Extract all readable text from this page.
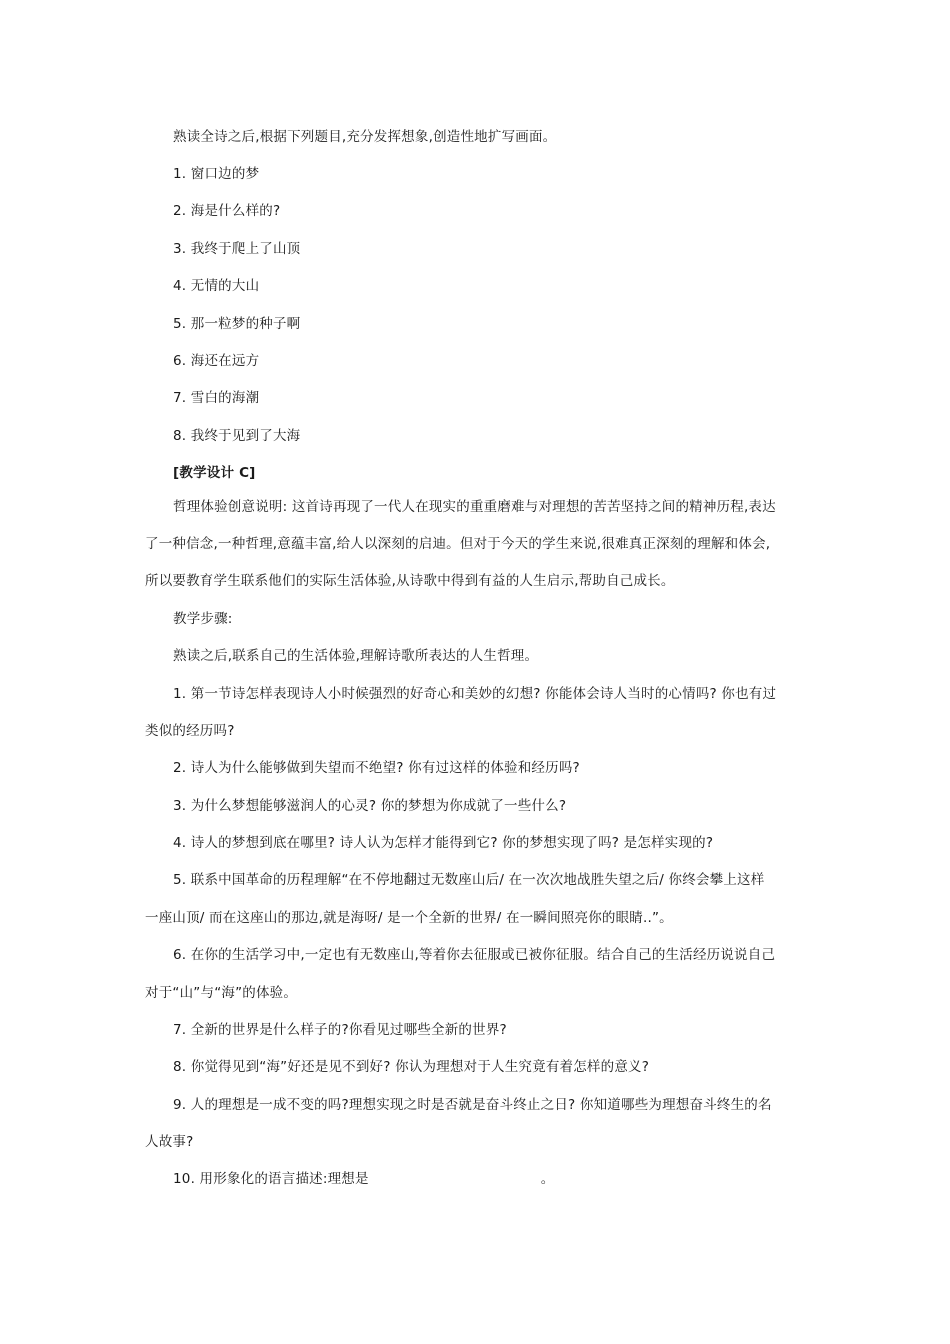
熟读全诗之后,根据下列题目,充分发挥想象,创造性地扩写画面。
1. 窗口边的梦
2. 海是什么样的?
3. 我终于爬上了山顶
4. 无情的大山
5. 那一粒梦的种子啊
6. 海还在远方
7. 雪白的海潮
8. 我终于见到了大海
[教学设计 C]
哲理体验创意说明: 这首诗再现了一代人在现实的重重磨难与对理想的苦苦坚持之间的精神历程,表达
了一种信念,一种哲理,意蕴丰富,给人以深刻的启迪。但对于今天的学生来说,很难真正深刻的理解和体会,
所以要教育学生联系他们的实际生活体验,从诗歌中得到有益的人生启示,帮助自己成长。
教学步骤:
熟读之后,联系自己的生活体验,理解诗歌所表达的人生哲理。
1. 第一节诗怎样表现诗人小时候强烈的好奇心和美妙的幻想? 你能体会诗人当时的心情吗? 你也有过
类似的经历吗?
2. 诗人为什么能够做到失望而不绝望? 你有过这样的体验和经历吗?
3. 为什么梦想能够滋润人的心灵? 你的梦想为你成就了一些什么?
4. 诗人的梦想到底在哪里? 诗人认为怎样才能得到它? 你的梦想实现了吗? 是怎样实现的?
5. 联系中国革命的历程理解“在不停地翻过无数座山后/ 在一次次地战胜失望之后/ 你终会攀上这样
一座山顶/ 而在这座山的那边,就是海呀/ 是一个全新的世界/ 在一瞬间照亮你的眼睛..”。
6. 在你的生活学习中,一定也有无数座山,等着你去征服或已被你征服。结合自己的生活经历说说自己
对于“山”与“海”的体验。
7. 全新的世界是什么样子的?你看见过哪些全新的世界?
8. 你觉得见到“海”好还是见不到好? 你认为理想对于人生究竟有着怎样的意义?
9. 人的理想是一成不变的吗?理想实现之时是否就是奋斗终止之日? 你知道哪些为理想奋斗终生的名
人故事?
10. 用形象化的语言描述:理想是	。
